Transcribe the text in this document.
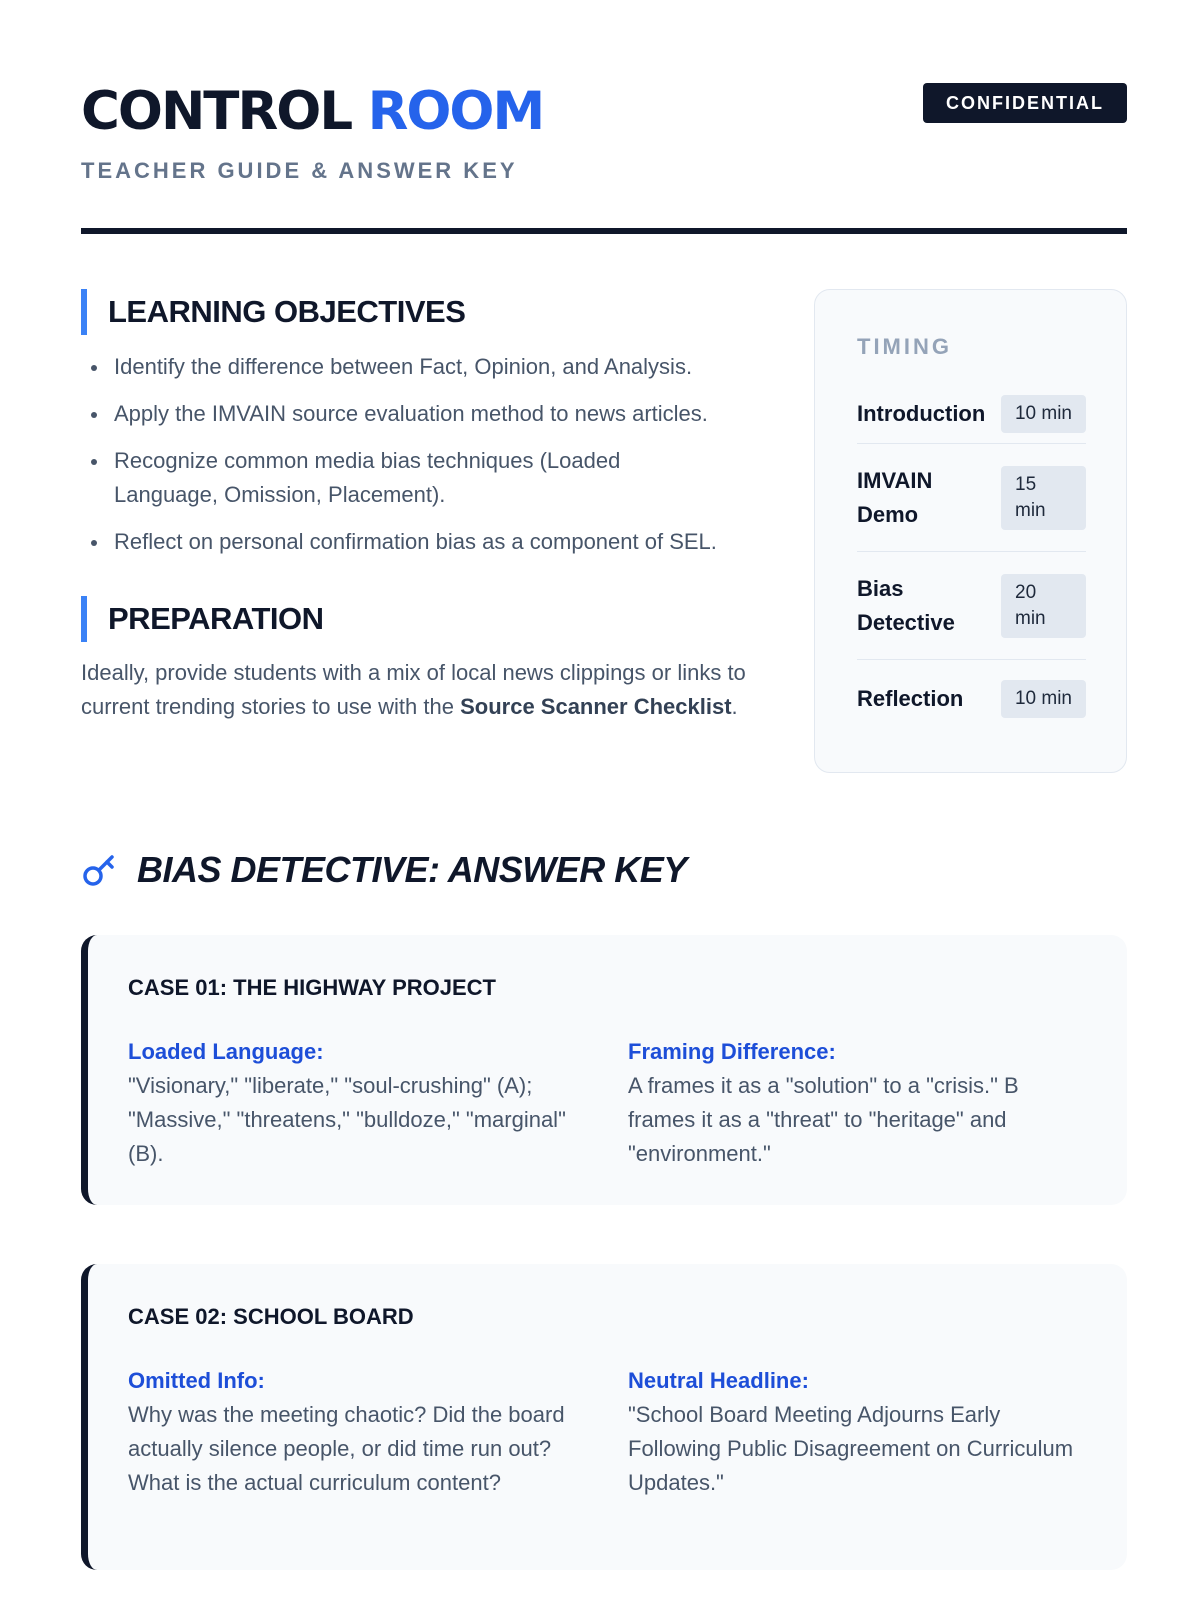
CONTROL ROOM
TEACHER GUIDE & ANSWER KEY
CONFIDENTIAL
LEARNING OBJECTIVES
Identify the difference between Fact, Opinion, and Analysis.
Apply the IMVAIN source evaluation method to news articles.
Recognize common media bias techniques (Loaded Language, Omission, Placement).
Reflect on personal confirmation bias as a component of SEL.
PREPARATION

Ideally, provide students with a mix of local news clippings or links to current trending stories to use with the Source Scanner Checklist.

TIMING
Introduction	10 min
IMVAIN Demo
15 min
Bias Detective
20 min
Reflection	10 min
BIAS DETECTIVE: ANSWER KEY
CASE 01: THE HIGHWAY PROJECT
Loaded Language:
"Visionary," "liberate," "soul-crushing" (A); "Massive," "threatens," "bulldoze," "marginal" (B).
Framing Difference:
A frames it as a "solution" to a "crisis." B frames it as a "threat" to "heritage" and "environment."
CASE 02: SCHOOL BOARD
Omitted Info:
Why was the meeting chaotic? Did the board actually silence people, or did time run out? What is the actual curriculum content?
Neutral Headline:
"School Board Meeting Adjourns Early Following Public Disagreement on Curriculum Updates."
